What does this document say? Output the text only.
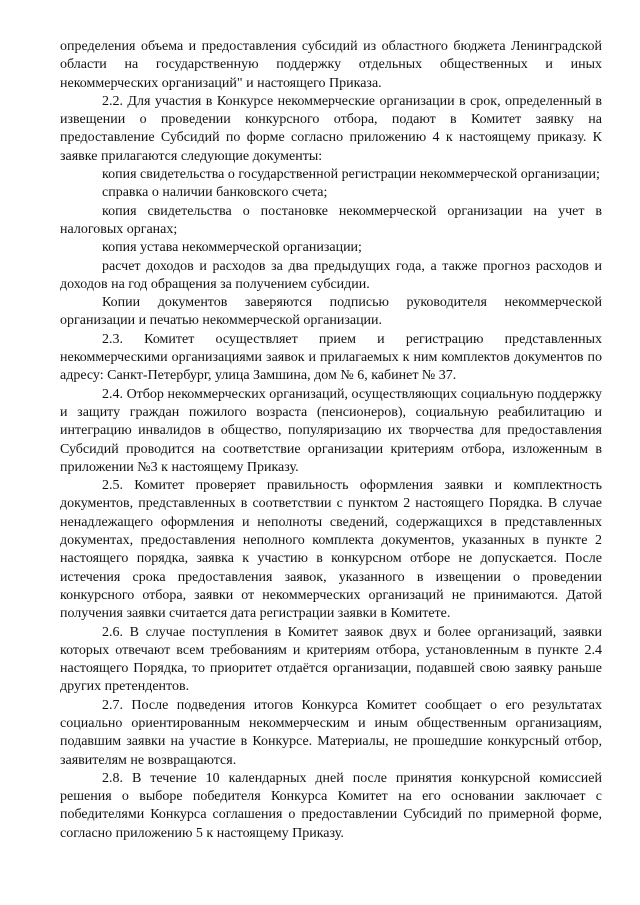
определения объема и предоставления субсидий из областного бюджета Ленинградской области на государственную поддержку отдельных общественных и иных некоммерческих организаций" и настоящего Приказа.

2.2. Для участия в Конкурсе некоммерческие организации в срок, определенный в извещении о проведении конкурсного отбора, подают в Комитет заявку на предоставление Субсидий по форме согласно приложению 4 к настоящему приказу. К заявке прилагаются следующие документы:

копия свидетельства о государственной регистрации некоммерческой организации;

справка о наличии банковского счета;

копия свидетельства о постановке некоммерческой организации на учет в налоговых органах;

копия устава некоммерческой организации;

расчет доходов и расходов за два предыдущих года, а также прогноз расходов и доходов на год обращения за получением субсидии.

Копии документов заверяются подписью руководителя некоммерческой организации и печатью некоммерческой организации.

2.3. Комитет осуществляет прием и регистрацию представленных некоммерческими организациями заявок и прилагаемых к ним комплектов документов по адресу: Санкт-Петербург, улица Замшина, дом № 6, кабинет № 37.

2.4. Отбор некоммерческих организаций, осуществляющих социальную поддержку и защиту граждан пожилого возраста (пенсионеров), социальную реабилитацию и интеграцию инвалидов в общество, популяризацию их творчества для предоставления Субсидий проводится на соответствие организации критериям отбора, изложенным в приложении №3 к настоящему Приказу.

2.5. Комитет проверяет правильность оформления заявки и комплектность документов, представленных в соответствии с пунктом 2 настоящего Порядка. В случае ненадлежащего оформления и неполноты сведений, содержащихся в представленных документах, предоставления неполного комплекта документов, указанных в пункте 2 настоящего порядка, заявка к участию в конкурсном отборе не допускается. После истечения срока предоставления заявок, указанного в извещении о проведении конкурсного отбора, заявки от некоммерческих организаций не принимаются. Датой получения заявки считается дата регистрации заявки в Комитете.

2.6. В случае поступления в Комитет заявок двух и более организаций, заявки которых отвечают всем требованиям и критериям отбора, установленным в пункте 2.4 настоящего Порядка, то приоритет отдаётся организации, подавшей свою заявку раньше других претендентов.

2.7. После подведения итогов Конкурса Комитет сообщает о его результатах социально ориентированным некоммерческим и иным общественным организациям, подавшим заявки на участие в Конкурсе. Материалы, не прошедшие конкурсный отбор, заявителям не возвращаются.

2.8. В течение 10 календарных дней после принятия конкурсной комиссией решения о выборе победителя Конкурса Комитет на его основании заключает с победителями Конкурса соглашения о предоставлении Субсидий по примерной форме, согласно приложению 5 к настоящему Приказу.
